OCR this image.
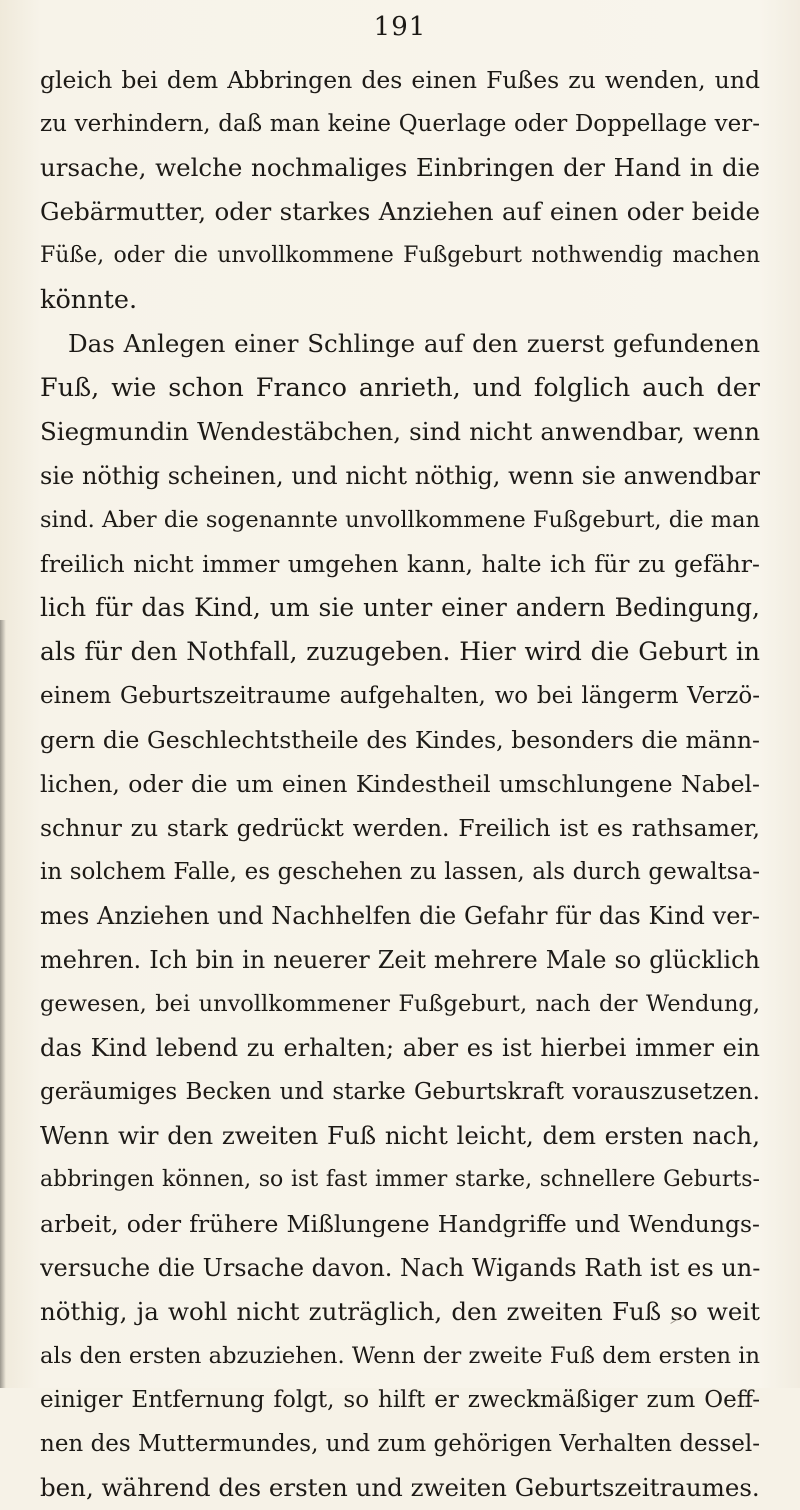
191
gleich bei dem Abbringen des einen Fußes zu wenden, und
zu verhindern, daß man keine Querlage oder Doppellage ver-
ursache, welche nochmaliges Einbringen der Hand in die
Gebärmutter, oder starkes Anziehen auf einen oder beide
Füße, oder die unvollkommene Fußgeburt nothwendig machen
könnte.
Das Anlegen einer Schlinge auf den zuerst gefundenen
Fuß, wie schon Franco anrieth, und folglich auch der
Siegmundin Wendestäbchen, sind nicht anwendbar, wenn
sie nöthig scheinen, und nicht nöthig, wenn sie anwendbar
sind. Aber die sogenannte unvollkommene Fußgeburt, die man
freilich nicht immer umgehen kann, halte ich für zu gefähr-
lich für das Kind, um sie unter einer andern Bedingung,
als für den Nothfall, zuzugeben. Hier wird die Geburt in
einem Geburtszeitraume aufgehalten, wo bei längerm Verzö-
gern die Geschlechtstheile des Kindes, besonders die männ-
lichen, oder die um einen Kindestheil umschlungene Nabel-
schnur zu stark gedrückt werden. Freilich ist es rathsamer,
in solchem Falle, es geschehen zu lassen, als durch gewaltsa-
mes Anziehen und Nachhelfen die Gefahr für das Kind ver-
mehren. Ich bin in neuerer Zeit mehrere Male so glücklich
gewesen, bei unvollkommener Fußgeburt, nach der Wendung,
das Kind lebend zu erhalten; aber es ist hierbei immer ein
geräumiges Becken und starke Geburtskraft vorauszusetzen.
Wenn wir den zweiten Fuß nicht leicht, dem ersten nach,
abbringen können, so ist fast immer starke, schnellere Geburts-
arbeit, oder frühere Mißlungene Handgriffe und Wendungs-
versuche die Ursache davon. Nach Wigands Rath ist es un-
nöthig, ja wohl nicht zuträglich, den zweiten Fuß so weit
als den ersten abzuziehen. Wenn der zweite Fuß dem ersten in
einiger Entfernung folgt, so hilft er zweckmäßiger zum Oeff-
nen des Muttermundes, und zum gehörigen Verhalten dessel-
ben, während des ersten und zweiten Geburtszeitraumes.
